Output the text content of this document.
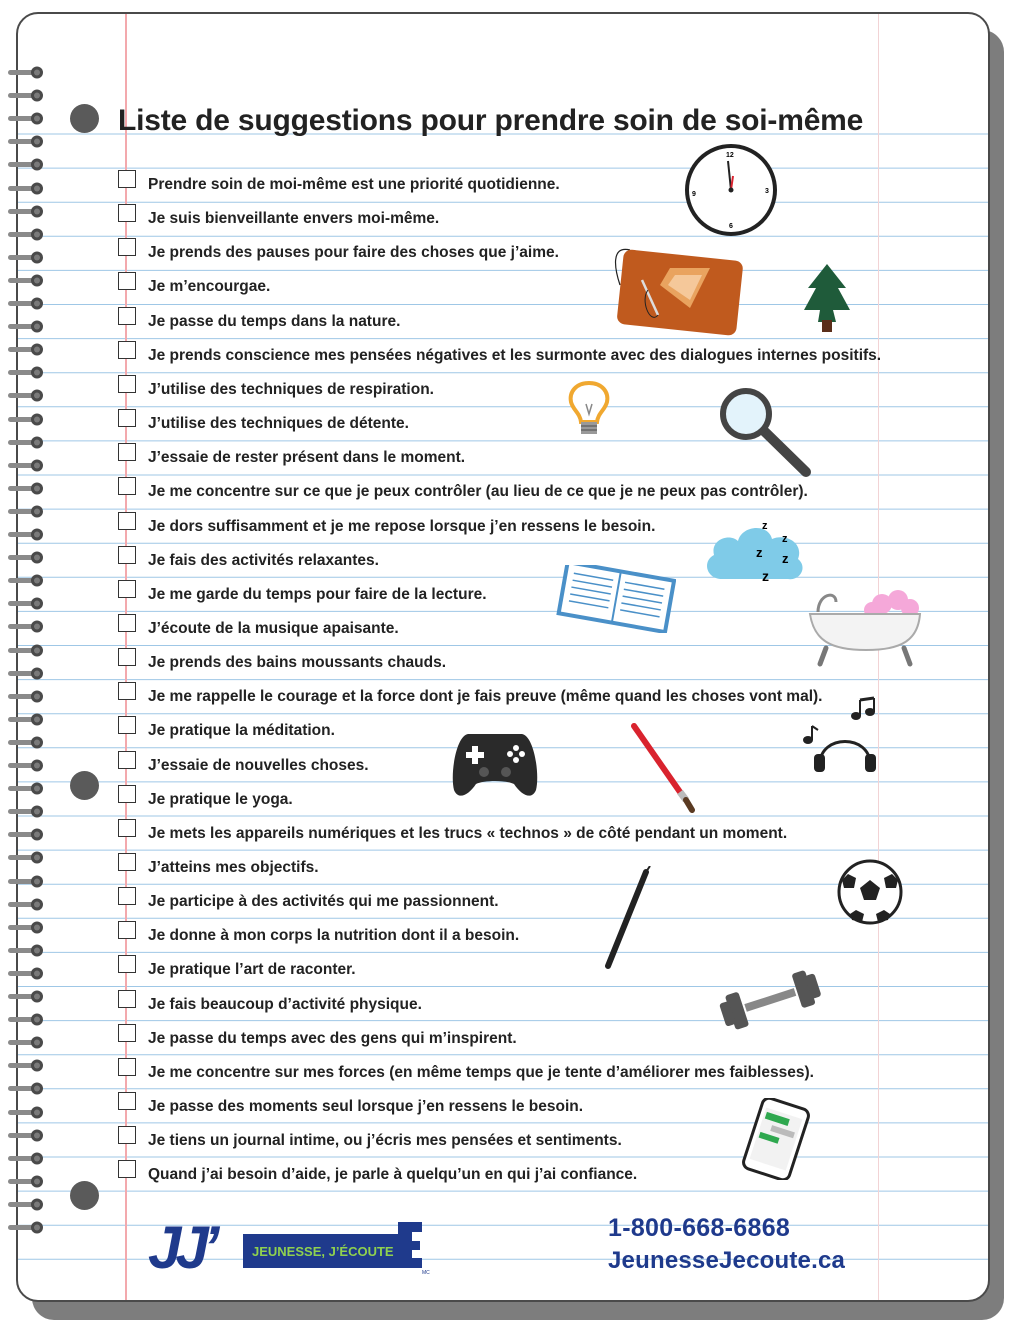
Liste de suggestions pour prendre soin de soi-même
Prendre soin de moi-même est une priorité quotidienne.
Je suis bienveillante envers moi-même.
Je prends des pauses pour faire des choses que j’aime.
Je m’encourgae.
Je passe du temps dans la nature.
Je prends conscience mes pensées négatives et les surmonte avec des dialogues internes positifs.
J’utilise des techniques de respiration.
J’utilise des techniques de détente.
J’essaie de rester présent dans le moment.
Je me concentre sur ce que je peux contrôler (au lieu de ce que je ne peux pas contrôler).
Je dors suffisamment et je me repose lorsque j’en ressens le besoin.
Je fais des activités relaxantes.
Je me garde du temps pour faire de la lecture.
J’écoute de la musique apaisante.
Je prends des bains moussants chauds.
Je me rappelle le courage et la force dont je fais preuve (même quand les choses vont mal).
Je pratique la méditation.
J’essaie de nouvelles choses.
Je pratique le yoga.
Je mets les appareils numériques et les trucs « technos » de côté pendant un moment.
J’atteins mes objectifs.
Je participe à des activités qui me passionnent.
Je donne à mon corps la nutrition dont il a besoin.
Je pratique l’art de raconter.
Je fais beaucoup d’activité physique.
Je passe du temps avec des gens qui m’inspirent.
Je me concentre sur mes forces (en même temps que je tente d’améliorer mes faiblesses).
Je passe des moments seul lorsque j’en ressens le besoin.
Je tiens un journal intime, ou j’écris mes pensées et sentiments.
Quand j’ai besoin d’aide, je parle à quelqu’un en qui j’ai confiance.
12
3
6
9
z
z
z z
z
JJ’	JEUNESSE, J’ÉCOUTE
MC
1-800-668-6868
JeunesseJecoute.ca
